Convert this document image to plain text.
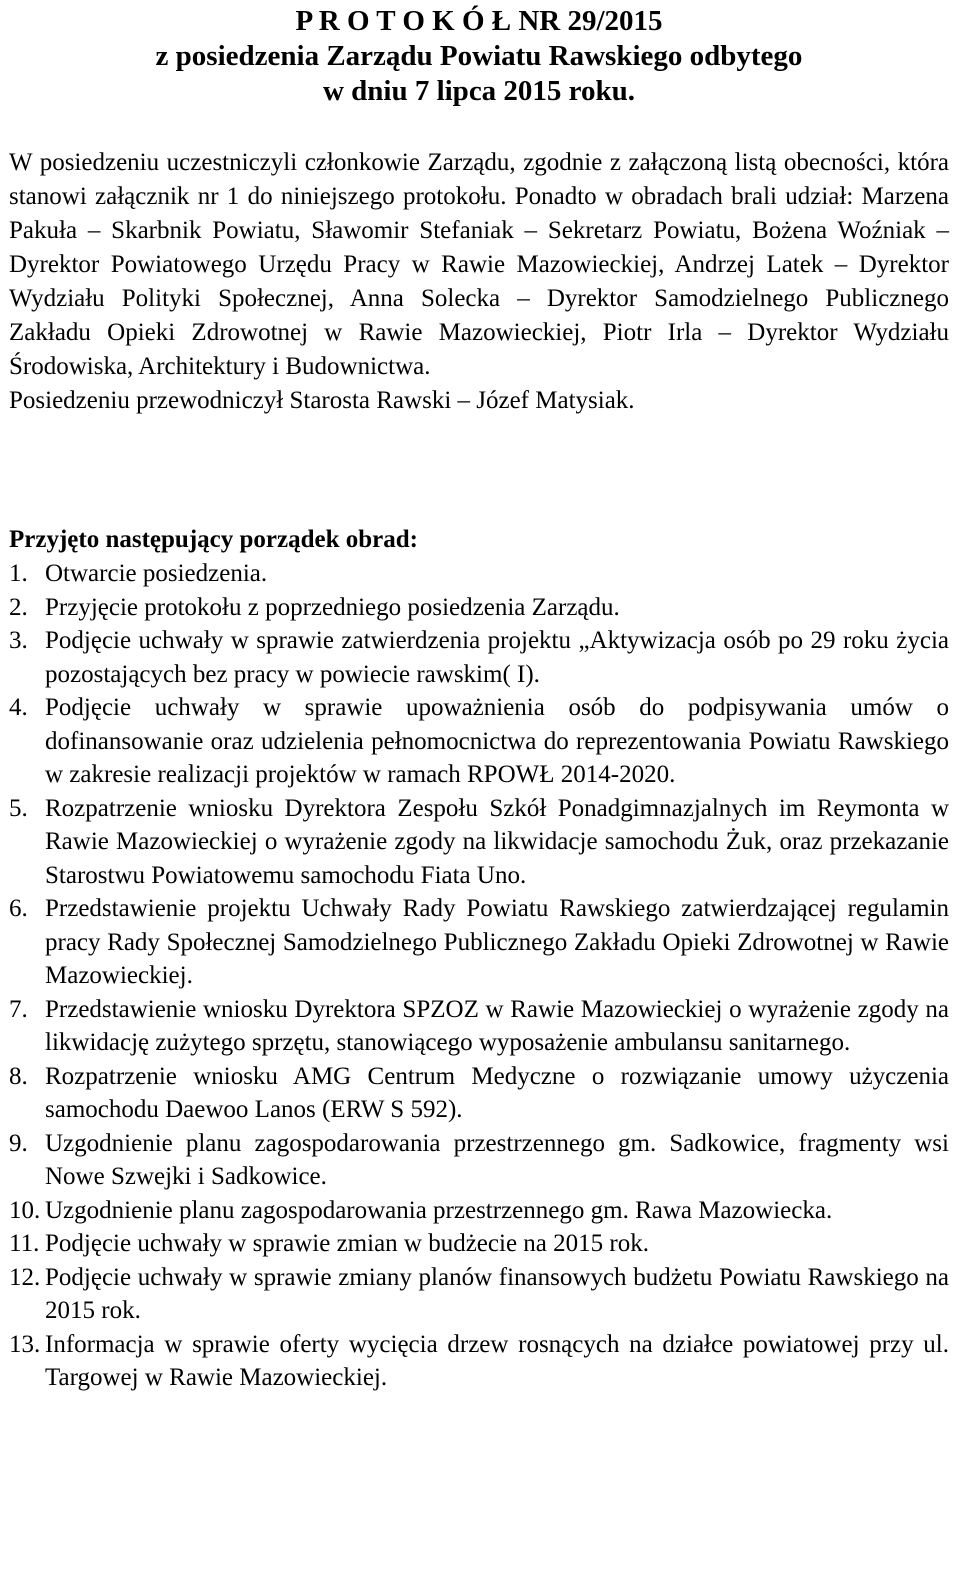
P R O T O K Ó Ł NR 29/2015
z posiedzenia Zarządu Powiatu Rawskiego odbytego
w dniu 7 lipca 2015 roku.

W posiedzeniu uczestniczyli członkowie Zarządu, zgodnie z załączoną listą obecności, która stanowi załącznik nr 1 do niniejszego protokołu. Ponadto w obradach brali udział: Marzena Pakuła – Skarbnik Powiatu, Sławomir Stefaniak – Sekretarz Powiatu, Bożena Woźniak – Dyrektor Powiatowego Urzędu Pracy w Rawie Mazowieckiej, Andrzej Latek – Dyrektor Wydziału Polityki Społecznej, Anna Solecka – Dyrektor Samodzielnego Publicznego Zakładu Opieki Zdrowotnej w Rawie Mazowieckiej, Piotr Irla – Dyrektor Wydziału Środowiska, Architektury i Budownictwa.

Posiedzeniu przewodniczył Starosta Rawski – Józef Matysiak.
Przyjęto następujący porządek obrad:
1. Otwarcie posiedzenia.
2. Przyjęcie protokołu z poprzedniego posiedzenia Zarządu.
3. Podjęcie uchwały w sprawie zatwierdzenia projektu „Aktywizacja osób po 29 roku życia pozostających bez pracy w powiecie rawskim( I).
4. Podjęcie uchwały w sprawie upoważnienia osób do podpisywania umów o dofinansowanie oraz udzielenia pełnomocnictwa do reprezentowania Powiatu Rawskiego w zakresie realizacji projektów w ramach RPOWŁ 2014-2020.
5. Rozpatrzenie wniosku Dyrektora Zespołu Szkół Ponadgimnazjalnych im Reymonta w Rawie Mazowieckiej o wyrażenie zgody na likwidacje samochodu Żuk, oraz przekazanie Starostwu Powiatowemu samochodu Fiata Uno.
6. Przedstawienie projektu Uchwały Rady Powiatu Rawskiego zatwierdzającej regulamin pracy Rady Społecznej Samodzielnego Publicznego Zakładu Opieki Zdrowotnej w Rawie Mazowieckiej.
7. Przedstawienie wniosku Dyrektora SPZOZ w Rawie Mazowieckiej o wyrażenie zgody na likwidację zużytego sprzętu, stanowiącego wyposażenie ambulansu sanitarnego.
8. Rozpatrzenie wniosku AMG Centrum Medyczne o rozwiązanie umowy użyczenia samochodu Daewoo Lanos (ERW S 592).
9. Uzgodnienie planu zagospodarowania przestrzennego gm. Sadkowice, fragmenty wsi Nowe Szwejki i Sadkowice.
10. Uzgodnienie planu zagospodarowania przestrzennego gm. Rawa Mazowiecka.
11. Podjęcie uchwały w sprawie zmian w budżecie na 2015 rok.
12. Podjęcie uchwały w sprawie zmiany planów finansowych budżetu Powiatu Rawskiego na 2015 rok.
13. Informacja w sprawie oferty wycięcia drzew rosnących na działce powiatowej przy ul. Targowej w Rawie Mazowieckiej.
